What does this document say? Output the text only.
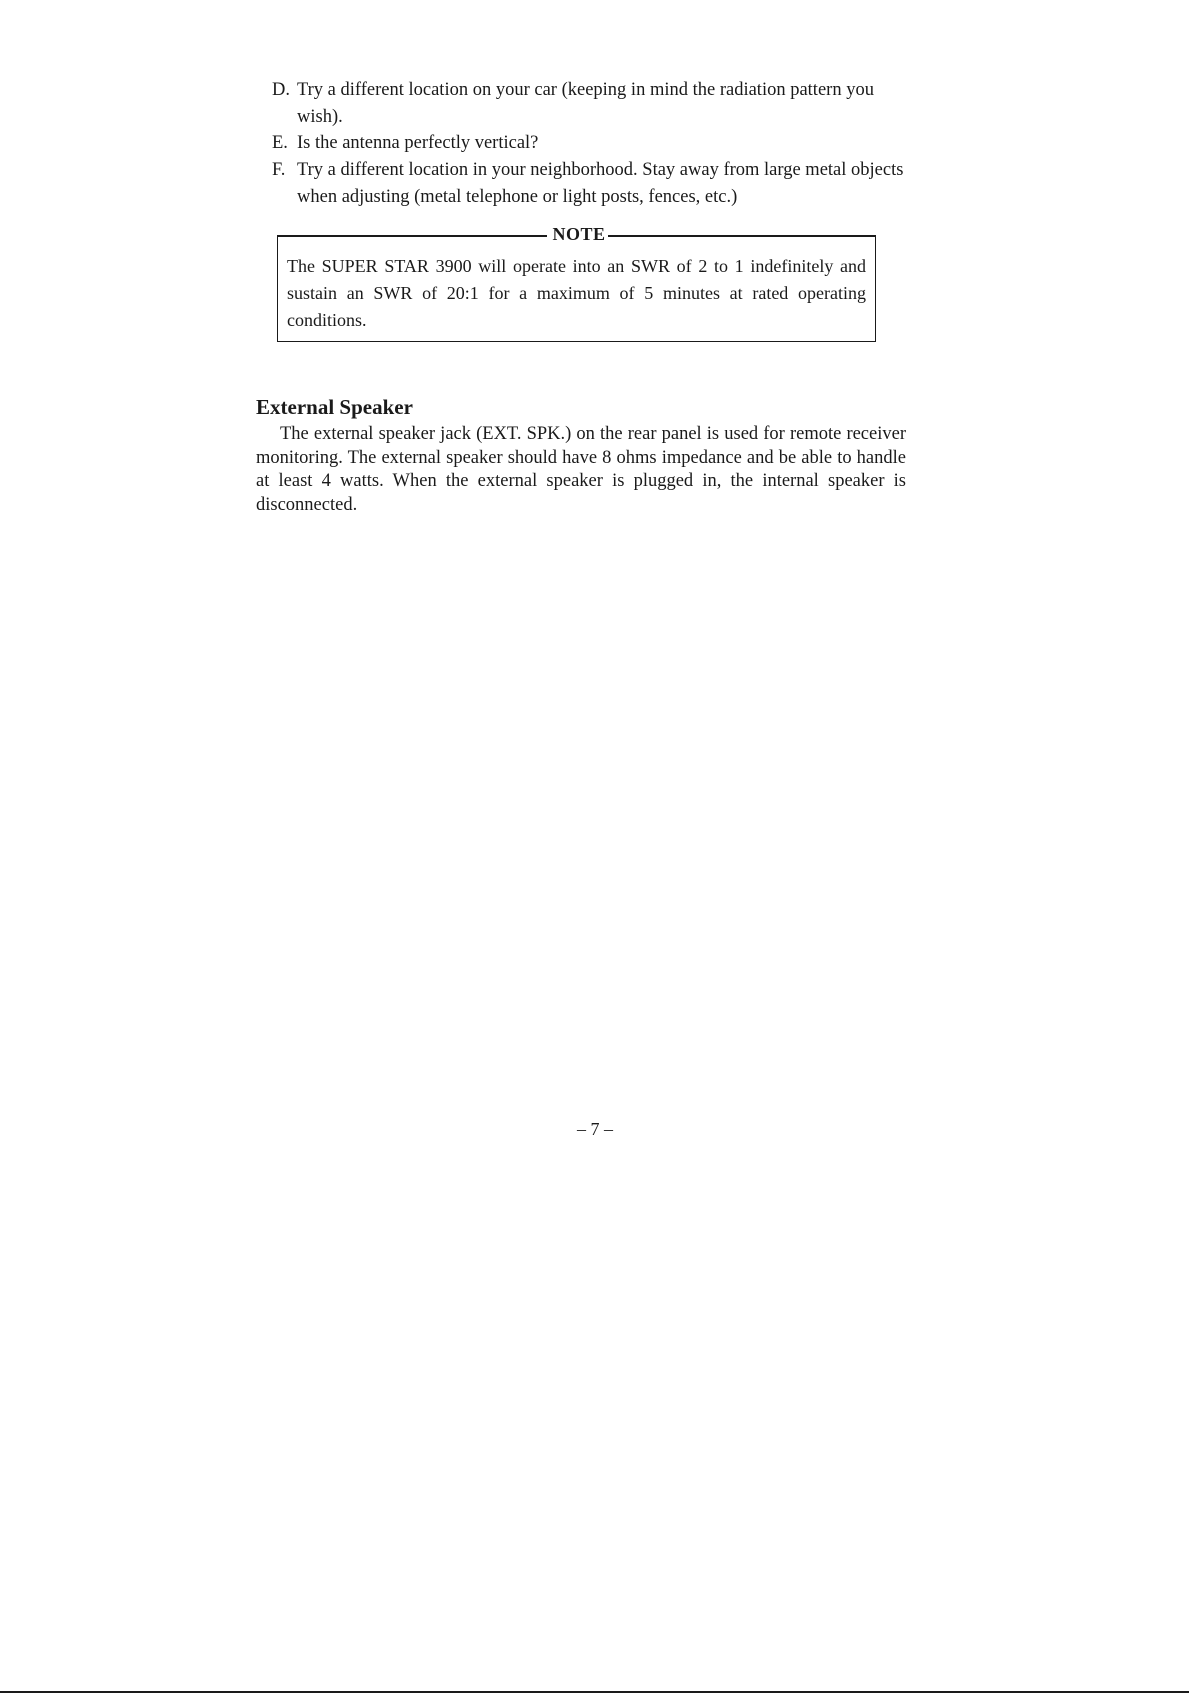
D. Try a different location on your car (keeping in mind the radiation pattern you wish).
E. Is the antenna perfectly vertical?
F. Try a different location in your neighborhood. Stay away from large metal objects when adjusting (metal telephone or light posts, fences, etc.)
NOTE
The SUPER STAR 3900 will operate into an SWR of 2 to 1 indefinitely and sustain an SWR of 20:1 for a maximum of 5 minutes at rated operating conditions.
External Speaker
The external speaker jack (EXT. SPK.) on the rear panel is used for remote receiver monitoring. The external speaker should have 8 ohms impedance and be able to handle at least 4 watts. When the external speaker is plugged in, the internal speaker is disconnected.
– 7 –
